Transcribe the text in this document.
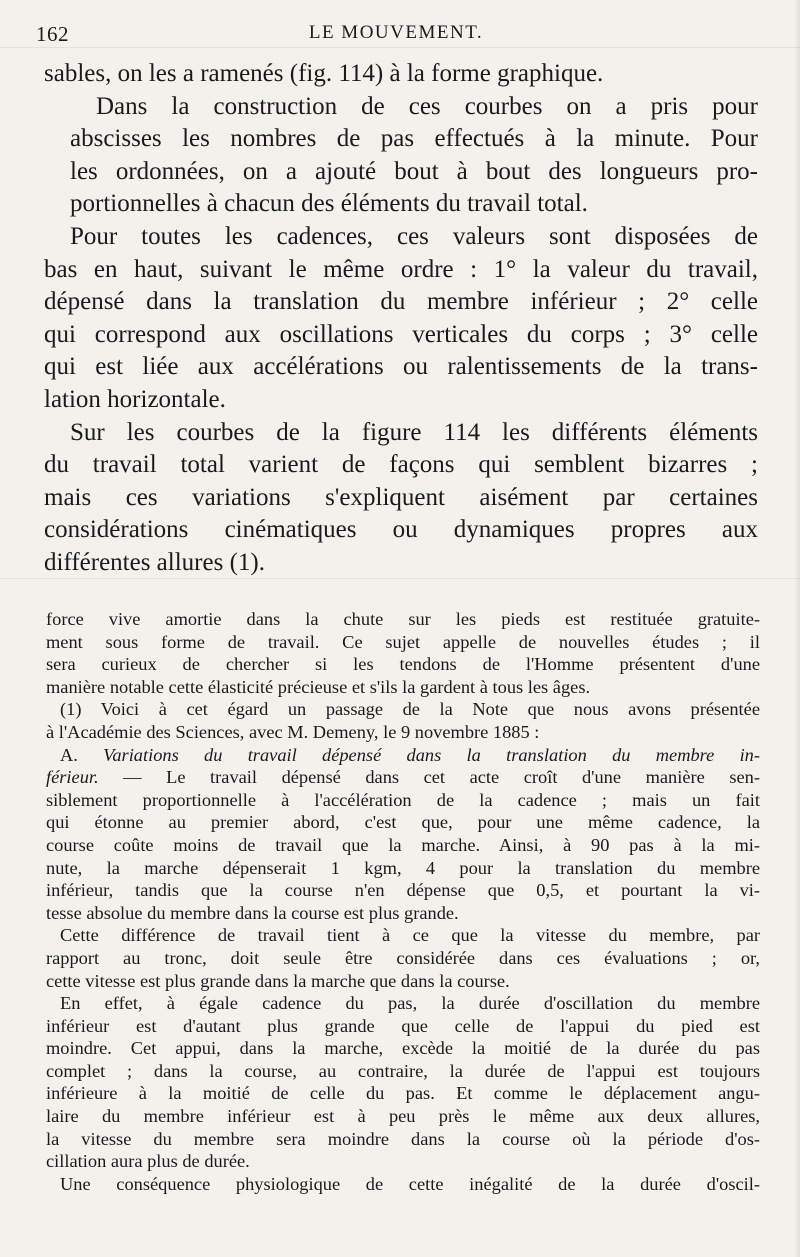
162	LE MOUVEMENT.

sables, on les a ramenés (fig. 114) à la forme graphique.

Dans la construction de ces courbes on a pris pour
abscisses les nombres de pas effectués à la minute. Pour
les ordonnées, on a ajouté bout à bout des longueurs pro-
portionnelles à chacun des éléments du travail total.

Pour toutes les cadences, ces valeurs sont disposées de
bas en haut, suivant le même ordre : 1° la valeur du travail,
dépensé dans la translation du membre inférieur ; 2° celle
qui correspond aux oscillations verticales du corps ; 3° celle
qui est liée aux accélérations ou ralentissements de la trans-
lation horizontale.

Sur les courbes de la figure 114 les différents éléments
du travail total varient de façons qui semblent bizarres ;
mais ces variations s'expliquent aisément par certaines
considérations cinématiques ou dynamiques propres aux
différentes allures (1).

force vive amortie dans la chute sur les pieds est restituée gratuite-
ment sous forme de travail. Ce sujet appelle de nouvelles études ; il
sera curieux de chercher si les tendons de l'Homme présentent d'une
manière notable cette élasticité précieuse et s'ils la gardent à tous les âges.
(1) Voici à cet égard un passage de la Note que nous avons présentée
à l'Académie des Sciences, avec M. Demeny, le 9 novembre 1885 :
A. Variations du travail dépensé dans la translation du membre in-
férieur. — Le travail dépensé dans cet acte croît d'une manière sen-
siblement proportionnelle à l'accélération de la cadence ; mais un fait
qui étonne au premier abord, c'est que, pour une même cadence, la
course coûte moins de travail que la marche. Ainsi, à 90 pas à la mi-
nute, la marche dépenserait 1 kgm, 4 pour la translation du membre
inférieur, tandis que la course n'en dépense que 0,5, et pourtant la vi-
tesse absolue du membre dans la course est plus grande.
Cette différence de travail tient à ce que la vitesse du membre, par
rapport au tronc, doit seule être considérée dans ces évaluations ; or,
cette vitesse est plus grande dans la marche que dans la course.
En effet, à égale cadence du pas, la durée d'oscillation du membre
inférieur est d'autant plus grande que celle de l'appui du pied est
moindre. Cet appui, dans la marche, excède la moitié de la durée du pas
complet ; dans la course, au contraire, la durée de l'appui est toujours
inférieure à la moitié de celle du pas. Et comme le déplacement angu-
laire du membre inférieur est à peu près le même aux deux allures,
la vitesse du membre sera moindre dans la course où la période d'os-
cillation aura plus de durée.
Une conséquence physiologique de cette inégalité de la durée d'oscil-
